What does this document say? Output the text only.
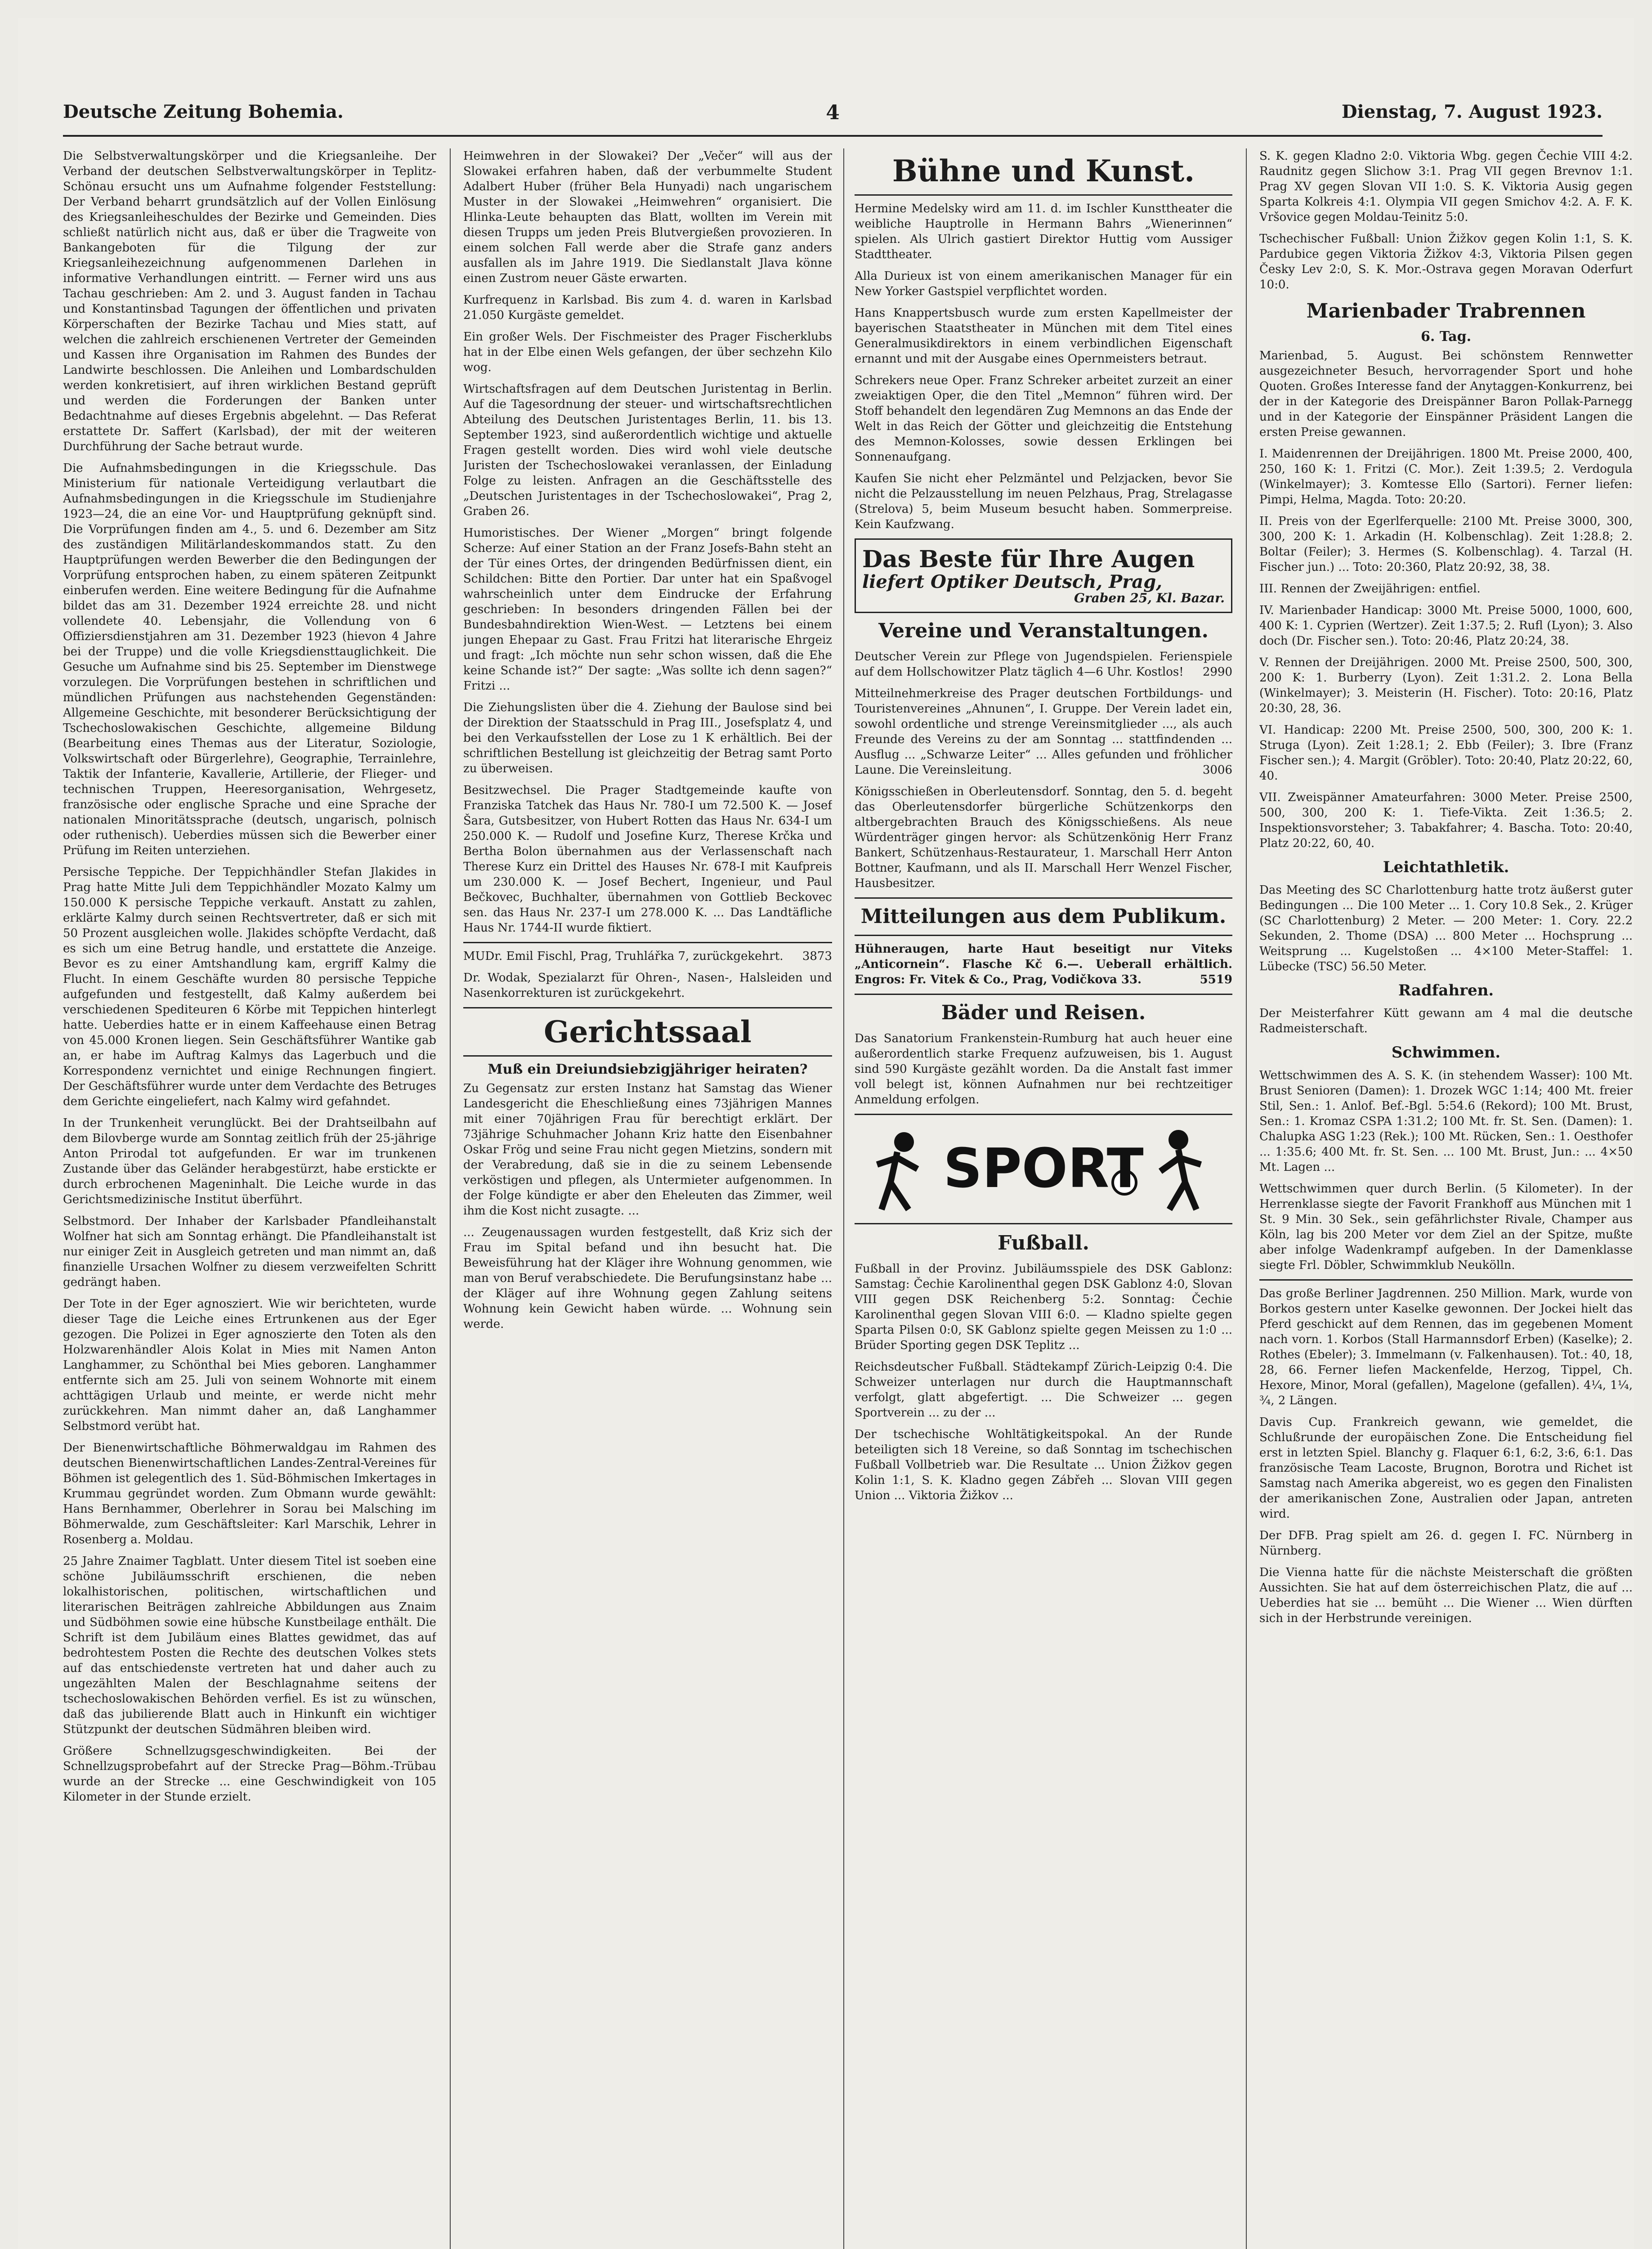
Deutsche Zeitung Bohemia.	4	Dienstag, 7. August 1923.

Die Selbstverwaltungskörper und die Kriegsanleihe. Der Verband der deutschen Selbstverwaltungskörper in Teplitz-Schönau ersucht uns um Aufnahme folgender Feststellung: Der Verband beharrt grundsätzlich auf der Vollen Einlösung des Kriegsanleiheschuldes der Bezirke und Gemeinden. Dies schließt natürlich nicht aus, daß er über die Tragweite von Bankangeboten für die Tilgung der zur Kriegsanleihezeichnung aufgenommenen Darlehen in informative Verhandlungen eintritt. — Ferner wird uns aus Tachau geschrieben: Am 2. und 3. August fanden in Tachau und Konstantinsbad Tagungen der öffentlichen und privaten Körperschaften der Bezirke Tachau und Mies statt, auf welchen die zahlreich erschienenen Vertreter der Gemeinden und Kassen ihre Organisation im Rahmen des Bundes der Landwirte beschlossen. Die Anleihen und Lombardschulden werden konkretisiert, auf ihren wirklichen Bestand geprüft und werden die Forderungen der Banken unter Bedachtnahme auf dieses Ergebnis abgelehnt. — Das Referat erstattete Dr. Saffert (Karlsbad), der mit der weiteren Durchführung der Sache betraut wurde.

Die Aufnahmsbedingungen in die Kriegsschule. Das Ministerium für nationale Verteidigung verlautbart die Aufnahmsbedingungen in die Kriegsschule im Studienjahre 1923—24, die an eine Vor- und Hauptprüfung geknüpft sind. Die Vorprüfungen finden am 4., 5. und 6. Dezember am Sitz des zuständigen Militärlandeskommandos statt. Zu den Hauptprüfungen werden Bewerber die den Bedingungen der Vorprüfung entsprochen haben, zu einem späteren Zeitpunkt einberufen werden. Eine weitere Bedingung für die Aufnahme bildet das am 31. Dezember 1924 erreichte 28. und nicht vollendete 40. Lebensjahr, die Vollendung von 6 Offiziersdienstjahren am 31. Dezember 1923 (hievon 4 Jahre bei der Truppe) und die volle Kriegsdiensttauglichkeit. Die Gesuche um Aufnahme sind bis 25. September im Dienstwege vorzulegen. Die Vorprüfungen bestehen in schriftlichen und mündlichen Prüfungen aus nachstehenden Gegenständen: Allgemeine Geschichte, mit besonderer Berücksichtigung der Tschechoslowakischen Geschichte, allgemeine Bildung (Bearbeitung eines Themas aus der Literatur, Soziologie, Volkswirtschaft oder Bürgerlehre), Geographie, Terrainlehre, Taktik der Infanterie, Kavallerie, Artillerie, der Flieger- und technischen Truppen, Heeresorganisation, Wehrgesetz, französische oder englische Sprache und eine Sprache der nationalen Minoritätssprache (deutsch, ungarisch, polnisch oder ruthenisch). Ueberdies müssen sich die Bewerber einer Prüfung im Reiten unterziehen.

Persische Teppiche. Der Teppichhändler Stefan Jlakides in Prag hatte Mitte Juli dem Teppichhändler Mozato Kalmy um 150.000 K persische Teppiche verkauft. Anstatt zu zahlen, erklärte Kalmy durch seinen Rechtsvertreter, daß er sich mit 50 Prozent ausgleichen wolle. Jlakides schöpfte Verdacht, daß es sich um eine Betrug handle, und erstattete die Anzeige. Bevor es zu einer Amtshandlung kam, ergriff Kalmy die Flucht. In einem Geschäfte wurden 80 persische Teppiche aufgefunden und festgestellt, daß Kalmy außerdem bei verschiedenen Spediteuren 6 Körbe mit Teppichen hinterlegt hatte. Ueberdies hatte er in einem Kaffeehause einen Betrag von 45.000 Kronen liegen. Sein Geschäftsführer Wantike gab an, er habe im Auftrag Kalmys das Lagerbuch und die Korrespondenz vernichtet und einige Rechnungen fingiert. Der Geschäftsführer wurde unter dem Verdachte des Betruges dem Gerichte eingeliefert, nach Kalmy wird gefahndet.

In der Trunkenheit verunglückt. Bei der Drahtseilbahn auf dem Bilovberge wurde am Sonntag zeitlich früh der 25-jährige Anton Prirodal tot aufgefunden. Er war im trunkenen Zustande über das Geländer herabgestürzt, habe erstickte er durch erbrochenen Mageninhalt. Die Leiche wurde in das Gerichtsmedizinische Institut überführt.

Selbstmord. Der Inhaber der Karlsbader Pfandleihanstalt Wolfner hat sich am Sonntag erhängt. Die Pfandleihanstalt ist nur einiger Zeit in Ausgleich getreten und man nimmt an, daß finanzielle Ursachen Wolfner zu diesem verzweifelten Schritt gedrängt haben.

Der Tote in der Eger agnosziert. Wie wir berichteten, wurde dieser Tage die Leiche eines Ertrunkenen aus der Eger gezogen. Die Polizei in Eger agnoszierte den Toten als den Holzwarenhändler Alois Kolat in Mies mit Namen Anton Langhammer, zu Schönthal bei Mies geboren. Langhammer entfernte sich am 25. Juli von seinem Wohnorte mit einem achttägigen Urlaub und meinte, er werde nicht mehr zurückkehren. Man nimmt daher an, daß Langhammer Selbstmord verübt hat.

Der Bienenwirtschaftliche Böhmerwaldgau im Rahmen des deutschen Bienenwirtschaftlichen Landes-Zentral-Vereines für Böhmen ist gelegentlich des 1. Süd-Böhmischen Imkertages in Krummau gegründet worden. Zum Obmann wurde gewählt: Hans Bernhammer, Oberlehrer in Sorau bei Malsching im Böhmerwalde, zum Geschäftsleiter: Karl Marschik, Lehrer in Rosenberg a. Moldau.

25 Jahre Znaimer Tagblatt. Unter diesem Titel ist soeben eine schöne Jubiläumsschrift erschienen, die neben lokalhistorischen, politischen, wirtschaftlichen und literarischen Beiträgen zahlreiche Abbildungen aus Znaim und Südböhmen sowie eine hübsche Kunstbeilage enthält. Die Schrift ist dem Jubiläum eines Blattes gewidmet, das auf bedrohtestem Posten die Rechte des deutschen Volkes stets auf das entschiedenste vertreten hat und daher auch zu ungezählten Malen der Beschlagnahme seitens der tschechoslowakischen Behörden verfiel. Es ist zu wünschen, daß das jubilierende Blatt auch in Hinkunft ein wichtiger Stützpunkt der deutschen Südmähren bleiben wird.

Größere Schnellzugsgeschwindigkeiten. Bei der Schnellzugsprobefahrt auf der Strecke Prag—Böhm.-Trübau wurde an der Strecke ... eine Geschwindigkeit von 105 Kilometer in der Stunde erzielt.

Heimwehren in der Slowakei? Der „Večer“ will aus der Slowakei erfahren haben, daß der verbummelte Student Adalbert Huber (früher Bela Hunyadi) nach ungarischem Muster in der Slowakei „Heimwehren“ organisiert. Die Hlinka-Leute behaupten das Blatt, wollten im Verein mit diesen Trupps um jeden Preis Blutvergießen provozieren. In einem solchen Fall werde aber die Strafe ganz anders ausfallen als im Jahre 1919. Die Siedlanstalt Jlava könne einen Zustrom neuer Gäste erwarten.

Kurfrequenz in Karlsbad. Bis zum 4. d. waren in Karlsbad 21.050 Kurgäste gemeldet.

Ein großer Wels. Der Fischmeister des Prager Fischerklubs hat in der Elbe einen Wels gefangen, der über sechzehn Kilo wog.

Wirtschaftsfragen auf dem Deutschen Juristentag in Berlin. Auf die Tagesordnung der steuer- und wirtschaftsrechtlichen Abteilung des Deutschen Juristentages Berlin, 11. bis 13. September 1923, sind außerordentlich wichtige und aktuelle Fragen gestellt worden. Dies wird wohl viele deutsche Juristen der Tschechoslowakei veranlassen, der Einladung Folge zu leisten. Anfragen an die Geschäftsstelle des „Deutschen Juristentages in der Tschechoslowakei“, Prag 2, Graben 26.

Humoristisches. Der Wiener „Morgen“ bringt folgende Scherze: Auf einer Station an der Franz Josefs-Bahn steht an der Tür eines Ortes, der dringenden Bedürfnissen dient, ein Schildchen: Bitte den Portier. Dar unter hat ein Spaßvogel wahrscheinlich unter dem Eindrucke der Erfahrung geschrieben: In besonders dringenden Fällen bei der Bundesbahndirektion Wien-West. — Letztens bei einem jungen Ehepaar zu Gast. Frau Fritzi hat literarische Ehrgeiz und fragt: „Ich möchte nun sehr schon wissen, daß die Ehe keine Schande ist?“ Der sagte: „Was sollte ich denn sagen?“ Fritzi ...

Die Ziehungslisten über die 4. Ziehung der Baulose sind bei der Direktion der Staatsschuld in Prag III., Josefsplatz 4, und bei den Verkaufsstellen der Lose zu 1 K erhältlich. Bei der schriftlichen Bestellung ist gleichzeitig der Betrag samt Porto zu überweisen.

Besitzwechsel. Die Prager Stadtgemeinde kaufte von Franziska Tatchek das Haus Nr. 780-I um 72.500 K. — Josef Šara, Gutsbesitzer, von Hubert Rotten das Haus Nr. 634-I um 250.000 K. — Rudolf und Josefine Kurz, Therese Krčka und Bertha Bolon übernahmen aus der Verlassenschaft nach Therese Kurz ein Drittel des Hauses Nr. 678-I mit Kaufpreis um 230.000 K. — Josef Bechert, Ingenieur, und Paul Bečkovec, Buchhalter, übernahmen von Gottlieb Beckovec sen. das Haus Nr. 237-I um 278.000 K. ... Das Landtäfliche Haus Nr. 1744-II wurde fiktiert.

MUDr. Emil Fischl, Prag, Truhlářka 7, zurückgekehrt. 3873

Dr. Wodak, Spezialarzt für Ohren-, Nasen-, Halsleiden und Nasenkorrekturen ist zurückgekehrt.

Gerichtssaal
Muß ein Dreiundsiebzigjähriger heiraten?

Zu Gegensatz zur ersten Instanz hat Samstag das Wiener Landesgericht die Eheschließung eines 73jährigen Mannes mit einer 70jährigen Frau für berechtigt erklärt. Der 73jährige Schuhmacher Johann Kriz hatte den Eisenbahner Oskar Frög und seine Frau nicht gegen Mietzins, sondern mit der Verabredung, daß sie in die zu seinem Lebensende verköstigen und pflegen, als Untermieter aufgenommen. In der Folge kündigte er aber den Eheleuten das Zimmer, weil ihm die Kost nicht zusagte. ...

... Zeugenaussagen wurden festgestellt, daß Kriz sich der Frau im Spital befand und ihn besucht hat. Die Beweisführung hat der Kläger ihre Wohnung genommen, wie man von Beruf verabschiedete. Die Berufungsinstanz habe ... der Kläger auf ihre Wohnung gegen Zahlung seitens Wohnung kein Gewicht haben würde. ... Wohnung sein werde.

Bühne und Kunst.

Hermine Medelsky wird am 11. d. im Ischler Kunsttheater die weibliche Hauptrolle in Hermann Bahrs „Wienerinnen“ spielen. Als Ulrich gastiert Direktor Huttig vom Aussiger Stadttheater.

Alla Durieux ist von einem amerikanischen Manager für ein New Yorker Gastspiel verpflichtet worden.

Hans Knappertsbusch wurde zum ersten Kapellmeister der bayerischen Staatstheater in München mit dem Titel eines Generalmusikdirektors in einem verbindlichen Eigenschaft ernannt und mit der Ausgabe eines Opernmeisters betraut.

Schrekers neue Oper. Franz Schreker arbeitet zurzeit an einer zweiaktigen Oper, die den Titel „Memnon“ führen wird. Der Stoff behandelt den legendären Zug Memnons an das Ende der Welt in das Reich der Götter und gleichzeitig die Entstehung des Memnon-Kolosses, sowie dessen Erklingen bei Sonnenaufgang.

Kaufen Sie nicht eher Pelzmäntel und Pelzjacken, bevor Sie nicht die Pelzausstellung im neuen Pelzhaus, Prag, Strelagasse (Strelova) 5, beim Museum besucht haben. Sommerpreise. Kein Kaufzwang.

Das Beste für Ihre Augen
liefert Optiker Deutsch, Prag,
Graben 25, Kl. Bazar.
Vereine und Veranstaltungen.

Deutscher Verein zur Pflege von Jugendspielen. Ferienspiele auf dem Hollschowitzer Platz täglich 4—6 Uhr. Kostlos! 2990

Mitteilnehmerkreise des Prager deutschen Fortbildungs- und Touristenvereines „Ahnunen“, I. Gruppe. Der Verein ladet ein, sowohl ordentliche und strenge Vereinsmitglieder ..., als auch Freunde des Vereins zu der am Sonntag ... stattfindenden ... Ausflug ... „Schwarze Leiter“ ... Alles gefunden und fröhlicher Laune. Die Vereinsleitung.	3006

Königsschießen in Oberleutensdorf. Sonntag, den 5. d. begeht das Oberleutensdorfer bürgerliche Schützenkorps den altbergebrachten Brauch des Königsschießens. Als neue Würdenträger gingen hervor: als Schützenkönig Herr Franz Bankert, Schützenhaus-Restaurateur, 1. Marschall Herr Anton Bottner, Kaufmann, und als II. Marschall Herr Wenzel Fischer, Hausbesitzer.

Mitteilungen aus dem Publikum.

Hühneraugen, harte Haut beseitigt nur Viteks „Anticornein“. Flasche Kč 6.—. Ueberall erhältlich. Engros: Fr. Vitek & Co., Prag, Vodičkova 33.	5519

Bäder und Reisen.

Das Sanatorium Frankenstein-Rumburg hat auch heuer eine außerordentlich starke Frequenz aufzuweisen, bis 1. August sind 590 Kurgäste gezählt worden. Da die Anstalt fast immer voll belegt ist, können Aufnahmen nur bei rechtzeitiger Anmeldung erfolgen.

SPORT
Fußball.

Fußball in der Provinz. Jubiläumsspiele des DSK Gablonz: Samstag: Čechie Karolinenthal gegen DSK Gablonz 4:0, Slovan VIII gegen DSK Reichenberg 5:2. Sonntag: Čechie Karolinenthal gegen Slovan VIII 6:0. — Kladno spielte gegen Sparta Pilsen 0:0, SK Gablonz spielte gegen Meissen zu 1:0 ... Brüder Sporting gegen DSK Teplitz ...

Reichsdeutscher Fußball. Städtekampf Zürich-Leipzig 0:4. Die Schweizer unterlagen nur durch die Hauptmannschaft verfolgt, glatt abgefertigt. ... Die Schweizer ... gegen Sportverein ... zu der ...

Der tschechische Wohltätigkeitspokal. An der Runde beteiligten sich 18 Vereine, so daß Sonntag im tschechischen Fußball Vollbetrieb war. Die Resultate ... Union Žižkov gegen Kolin 1:1, S. K. Kladno gegen Zábřeh ... Slovan VIII gegen Union ... Viktoria Žižkov ...

S. K. gegen Kladno 2:0. Viktoria Wbg. gegen Čechie VIII 4:2. Raudnitz gegen Slichow 3:1. Prag VII gegen Brevnov 1:1. Prag XV gegen Slovan VII 1:0. S. K. Viktoria Ausig gegen Sparta Kolkreis 4:1. Olympia VII gegen Smichov 4:2. A. F. K. Vršovice gegen Moldau-Teinitz 5:0.

Tschechischer Fußball: Union Žižkov gegen Kolin 1:1, S. K. Pardubice gegen Viktoria Žižkov 4:3, Viktoria Pilsen gegen Česky Lev 2:0, S. K. Mor.-Ostrava gegen Moravan Oderfurt 10:0.

Marienbader Trabrennen
6. Tag.

Marienbad, 5. August. Bei schönstem Rennwetter ausgezeichneter Besuch, hervorragender Sport und hohe Quoten. Großes Interesse fand der Anytaggen-Konkurrenz, bei der in der Kategorie des Dreispänner Baron Pollak-Parnegg und in der Kategorie der Einspänner Präsident Langen die ersten Preise gewannen.

I. Maidenrennen der Dreijährigen. 1800 Mt. Preise 2000, 400, 250, 160 K: 1. Fritzi (C. Mor.). Zeit 1:39.5; 2. Verdogula (Winkelmayer); 3. Komtesse Ello (Sartori). Ferner liefen: Pimpi, Helma, Magda. Toto: 20:20.

II. Preis von der Egerlferquelle: 2100 Mt. Preise 3000, 300, 300, 200 K: 1. Arkadin (H. Kolbenschlag). Zeit 1:28.8; 2. Boltar (Feiler); 3. Hermes (S. Kolbenschlag). 4. Tarzal (H. Fischer jun.) ... Toto: 20:360, Platz 20:92, 38, 38.

III. Rennen der Zweijährigen: entfiel.

IV. Marienbader Handicap: 3000 Mt. Preise 5000, 1000, 600, 400 K: 1. Cyprien (Wertzer). Zeit 1:37.5; 2. Rufl (Lyon); 3. Also doch (Dr. Fischer sen.). Toto: 20:46, Platz 20:24, 38.

V. Rennen der Dreijährigen. 2000 Mt. Preise 2500, 500, 300, 200 K: 1. Burberry (Lyon). Zeit 1:31.2. 2. Lona Bella (Winkelmayer); 3. Meisterin (H. Fischer). Toto: 20:16, Platz 20:30, 28, 36.

VI. Handicap: 2200 Mt. Preise 2500, 500, 300, 200 K: 1. Struga (Lyon). Zeit 1:28.1; 2. Ebb (Feiler); 3. Ibre (Franz Fischer sen.); 4. Margit (Gröbler). Toto: 20:40, Platz 20:22, 60, 40.

VII. Zweispänner Amateurfahren: 3000 Meter. Preise 2500, 500, 300, 200 K: 1. Tiefe-Vikta. Zeit 1:36.5; 2. Inspektionsvorsteher; 3. Tabakfahrer; 4. Bascha. Toto: 20:40, Platz 20:22, 60, 40.

Leichtathletik.

Das Meeting des SC Charlottenburg hatte trotz äußerst guter Bedingungen ... Die 100 Meter ... 1. Cory 10.8 Sek., 2. Krüger (SC Charlottenburg) 2 Meter. — 200 Meter: 1. Cory. 22.2 Sekunden, 2. Thome (DSA) ... 800 Meter ... Hochsprung ... Weitsprung ... Kugelstoßen ... 4×100 Meter-Staffel: 1. Lübecke (TSC) 56.50 Meter.

Radfahren.

Der Meisterfahrer Kütt gewann am 4 mal die deutsche Radmeisterschaft.

Schwimmen.

Wettschwimmen des A. S. K. (in stehendem Wasser): 100 Mt. Brust Senioren (Damen): 1. Drozek WGC 1:14; 400 Mt. freier Stil, Sen.: 1. Anlof. Bef.-Bgl. 5:54.6 (Rekord); 100 Mt. Brust, Sen.: 1. Kromaz CSPA 1:31.2; 100 Mt. fr. St. Sen. (Damen): 1. Chalupka ASG 1:23 (Rek.); 100 Mt. Rücken, Sen.: 1. Oesthofer ... 1:35.6; 400 Mt. fr. St. Sen. ... 100 Mt. Brust, Jun.: ... 4×50 Mt. Lagen ...

Wettschwimmen quer durch Berlin. (5 Kilometer). In der Herrenklasse siegte der Favorit Frankhoff aus München mit 1 St. 9 Min. 30 Sek., sein gefährlichster Rivale, Champer aus Köln, lag bis 200 Meter vor dem Ziel an der Spitze, mußte aber infolge Wadenkrampf aufgeben. In der Damenklasse siegte Frl. Döbler, Schwimmklub Neukölln.

Das große Berliner Jagdrennen. 250 Million. Mark, wurde von Borkos gestern unter Kaselke gewonnen. Der Jockei hielt das Pferd geschickt auf dem Rennen, das im gegebenen Moment nach vorn. 1. Korbos (Stall Harmannsdorf Erben) (Kaselke); 2. Rothes (Ebeler); 3. Immelmann (v. Falkenhausen). Tot.: 40, 18, 28, 66. Ferner liefen Mackenfelde, Herzog, Tippel, Ch. Hexore, Minor, Moral (gefallen), Magelone (gefallen). 4¼, 1¼, ¾, 2 Längen.

Davis Cup. Frankreich gewann, wie gemeldet, die Schlußrunde der europäischen Zone. Die Entscheidung fiel erst in letzten Spiel. Blanchy g. Flaquer 6:1, 6:2, 3:6, 6:1. Das französische Team Lacoste, Brugnon, Borotra und Richet ist Samstag nach Amerika abgereist, wo es gegen den Finalisten der amerikanischen Zone, Australien oder Japan, antreten wird.

Der DFB. Prag spielt am 26. d. gegen I. FC. Nürnberg in Nürnberg.

Die Vienna hatte für die nächste Meisterschaft die größten Aussichten. Sie hat auf dem österreichischen Platz, die auf ... Ueberdies hat sie ... bemüht ... Die Wiener ... Wien dürften sich in der Herbstrunde vereinigen.
